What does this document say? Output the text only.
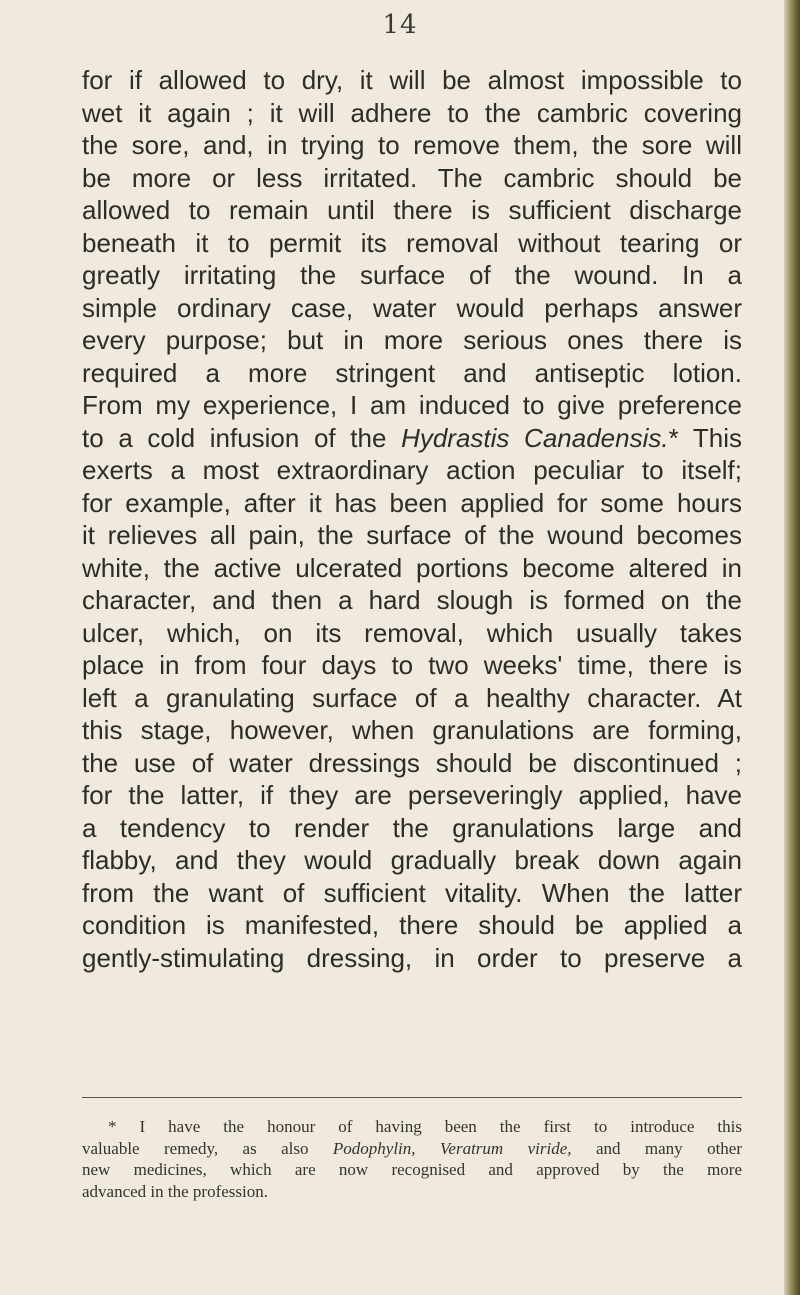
14

for if allowed to dry, it will be almost impossible to
wet it again ; it will adhere to the cambric covering
the sore, and, in trying to remove them, the sore will
be more or less irritated. The cambric should be
allowed to remain until there is sufficient discharge
beneath it to permit its removal without tearing or
greatly irritating the surface of the wound. In a
simple ordinary case, water would perhaps answer
every purpose; but in more serious ones there is
required a more stringent and antiseptic lotion.
From my experience, I am induced to give preference
to a cold infusion of the Hydrastis Canadensis.* This
exerts a most extraordinary action peculiar to itself;
for example, after it has been applied for some hours
it relieves all pain, the surface of the wound becomes
white, the active ulcerated portions become altered in
character, and then a hard slough is formed on the
ulcer, which, on its removal, which usually takes
place in from four days to two weeks' time, there is
left a granulating surface of a healthy character. At
this stage, however, when granulations are forming,
the use of water dressings should be discontinued ;
for the latter, if they are perseveringly applied, have
a tendency to render the granulations large and
flabby, and they would gradually break down again
from the want of sufficient vitality. When the latter
condition is manifested, there should be applied a
gently-stimulating dressing, in order to preserve a

* I have the honour of having been the first to introduce this
valuable remedy, as also Podophylin, Veratrum viride, and many other
new medicines, which are now recognised and approved by the more
advanced in the profession.
